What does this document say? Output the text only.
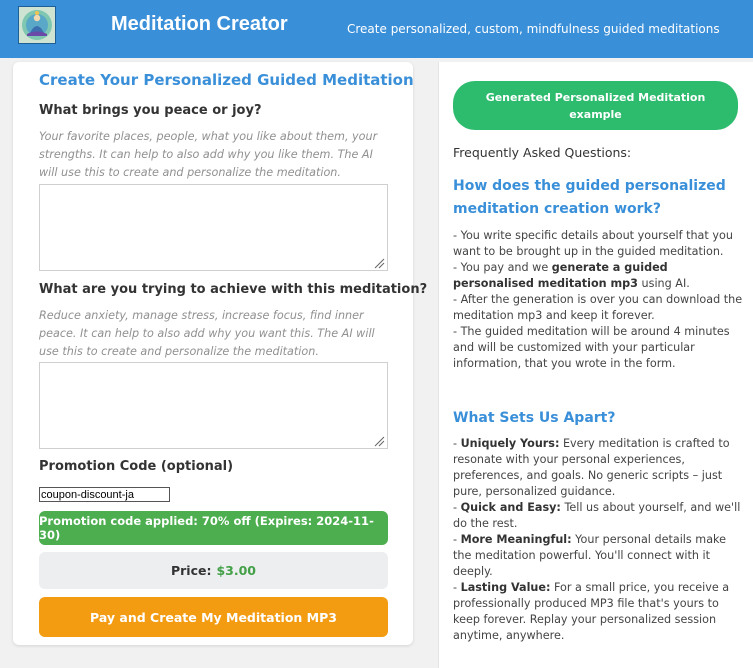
Meditation Creator	Create personalized, custom, mindfulness guided meditations
Create Your Personalized Guided Meditation
What brings you peace or joy?
Your favorite places, people, what you like about them, your strengths. It can help to also add why you like them. The AI will use this to create and personalize the meditation.
What are you trying to achieve with this meditation?
Reduce anxiety, manage stress, increase focus, find inner peace. It can help to also add why you want this. The AI will use this to create and personalize the meditation.
Promotion Code (optional)
coupon-discount-ja
Promotion code applied: 70% off (Expires: 2024-11-30)
Price: $3.00
Pay and Create My Meditation MP3
Generated Personalized Meditation example
Frequently Asked Questions:
How does the guided personalized meditation creation work?

- You write specific details about yourself that you want to be brought up in the guided meditation.

- You pay and we generate a guided personalised meditation mp3 using AI.

- After the generation is over you can download the meditation mp3 and keep it forever.

- The guided meditation will be around 4 minutes and will be customized with your particular information, that you wrote in the form.

What Sets Us Apart?

- Uniquely Yours: Every meditation is crafted to resonate with your personal experiences, preferences, and goals. No generic scripts – just pure, personalized guidance.

- Quick and Easy: Tell us about yourself, and we'll do the rest.

- More Meaningful: Your personal details make the meditation powerful. You'll connect with it deeply.

- Lasting Value: For a small price, you receive a professionally produced MP3 file that's yours to keep forever. Replay your personalized session anytime, anywhere.
